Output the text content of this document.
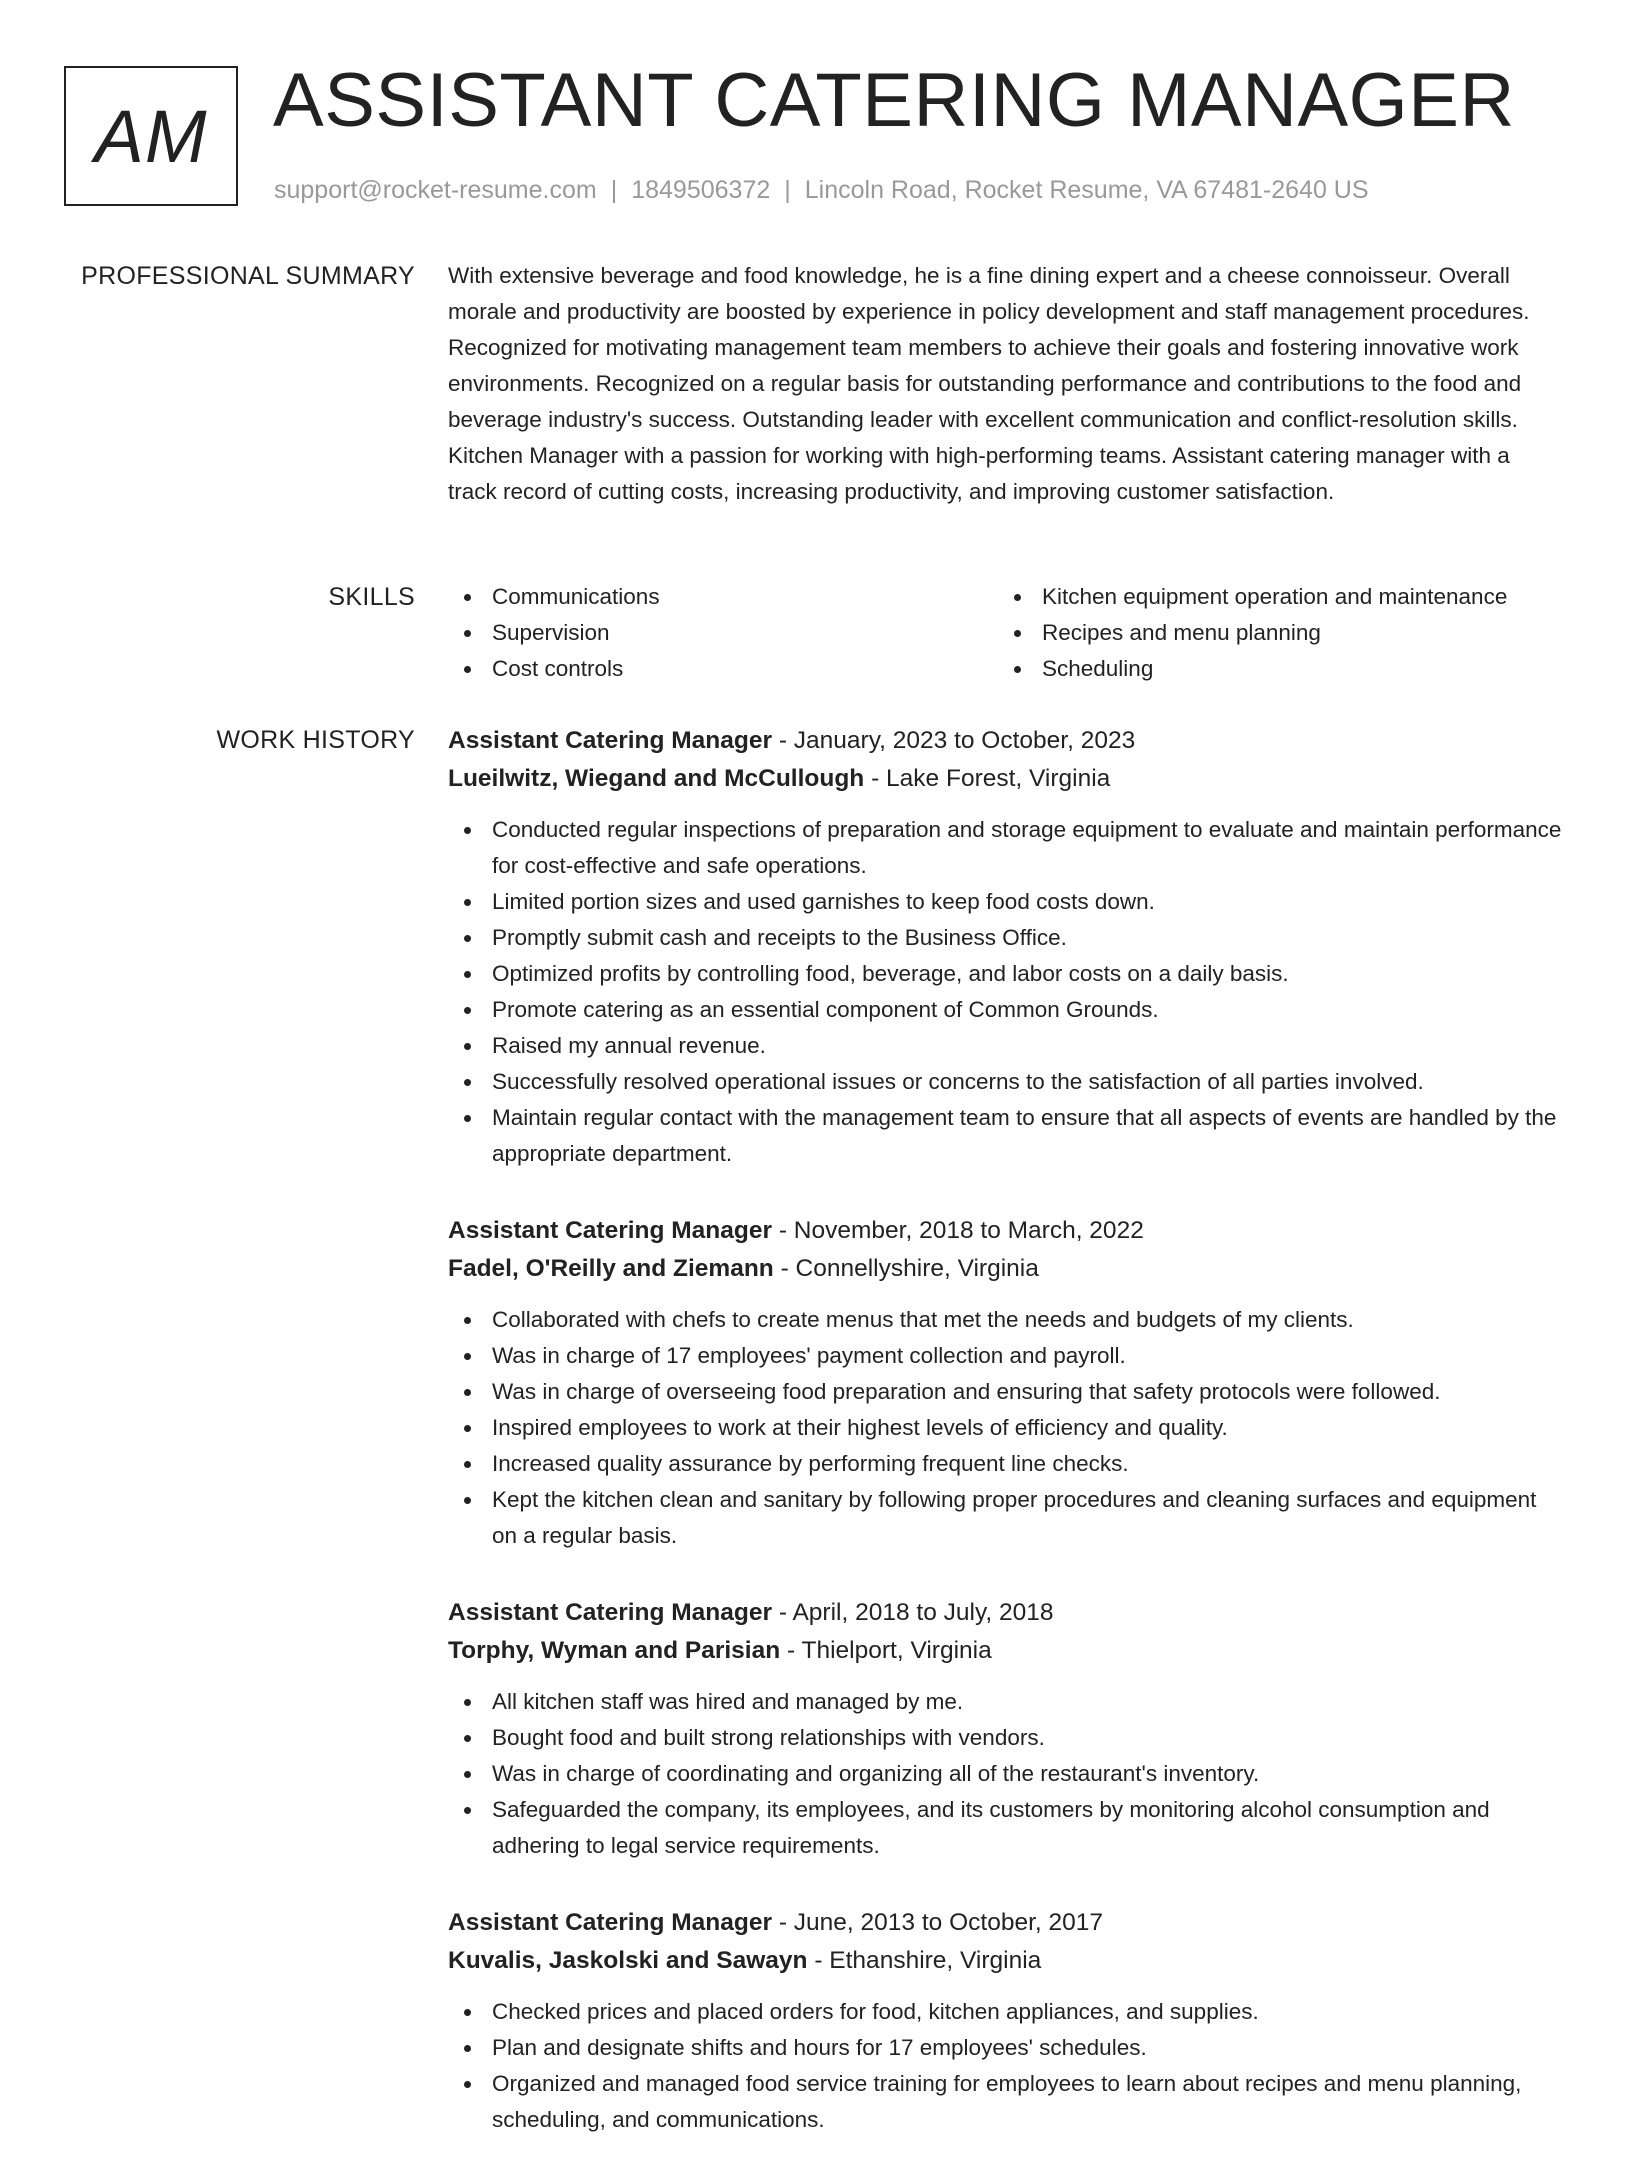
AM ASSISTANT CATERING MANAGER
support@rocket-resume.com | 1849506372 | Lincoln Road, Rocket Resume, VA 67481-2640 US
PROFESSIONAL SUMMARY With extensive beverage and food knowledge, he is a fine dining expert and a cheese connoisseur. Overall morale and productivity are boosted by experience in policy development and staff management procedures. Recognized for motivating management team members to achieve their goals and fostering innovative work environments. Recognized on a regular basis for outstanding performance and contributions to the food and beverage industry's success. Outstanding leader with excellent communication and conflict-resolution skills. Kitchen Manager with a passion for working with high-performing teams. Assistant catering manager with a track record of cutting costs, increasing productivity, and improving customer satisfaction.

SKILLS	Communications
Supervision
Cost controls
Kitchen equipment operation and maintenance
Recipes and menu planning
Scheduling
WORK HISTORY Assistant Catering Manager - January, 2023 to October, 2023
Lueilwitz, Wiegand and McCullough - Lake Forest, Virginia
Conducted regular inspections of preparation and storage equipment to evaluate and maintain performance for cost-effective and safe operations.
Limited portion sizes and used garnishes to keep food costs down.
Promptly submit cash and receipts to the Business Office.
Optimized profits by controlling food, beverage, and labor costs on a daily basis.
Promote catering as an essential component of Common Grounds.
Raised my annual revenue.
Successfully resolved operational issues or concerns to the satisfaction of all parties involved.
Maintain regular contact with the management team to ensure that all aspects of events are handled by the appropriate department.
Assistant Catering Manager - November, 2018 to March, 2022
Fadel, O'Reilly and Ziemann - Connellyshire, Virginia
Collaborated with chefs to create menus that met the needs and budgets of my clients.
Was in charge of 17 employees' payment collection and payroll.
Was in charge of overseeing food preparation and ensuring that safety protocols were followed.
Inspired employees to work at their highest levels of efficiency and quality.
Increased quality assurance by performing frequent line checks.
Kept the kitchen clean and sanitary by following proper procedures and cleaning surfaces and equipment on a regular basis.
Assistant Catering Manager - April, 2018 to July, 2018
Torphy, Wyman and Parisian - Thielport, Virginia
All kitchen staff was hired and managed by me.
Bought food and built strong relationships with vendors.
Was in charge of coordinating and organizing all of the restaurant's inventory.
Safeguarded the company, its employees, and its customers by monitoring alcohol consumption and adhering to legal service requirements.
Assistant Catering Manager - June, 2013 to October, 2017
Kuvalis, Jaskolski and Sawayn - Ethanshire, Virginia
Checked prices and placed orders for food, kitchen appliances, and supplies.
Plan and designate shifts and hours for 17 employees' schedules.
Organized and managed food service training for employees to learn about recipes and menu planning, scheduling, and communications.
